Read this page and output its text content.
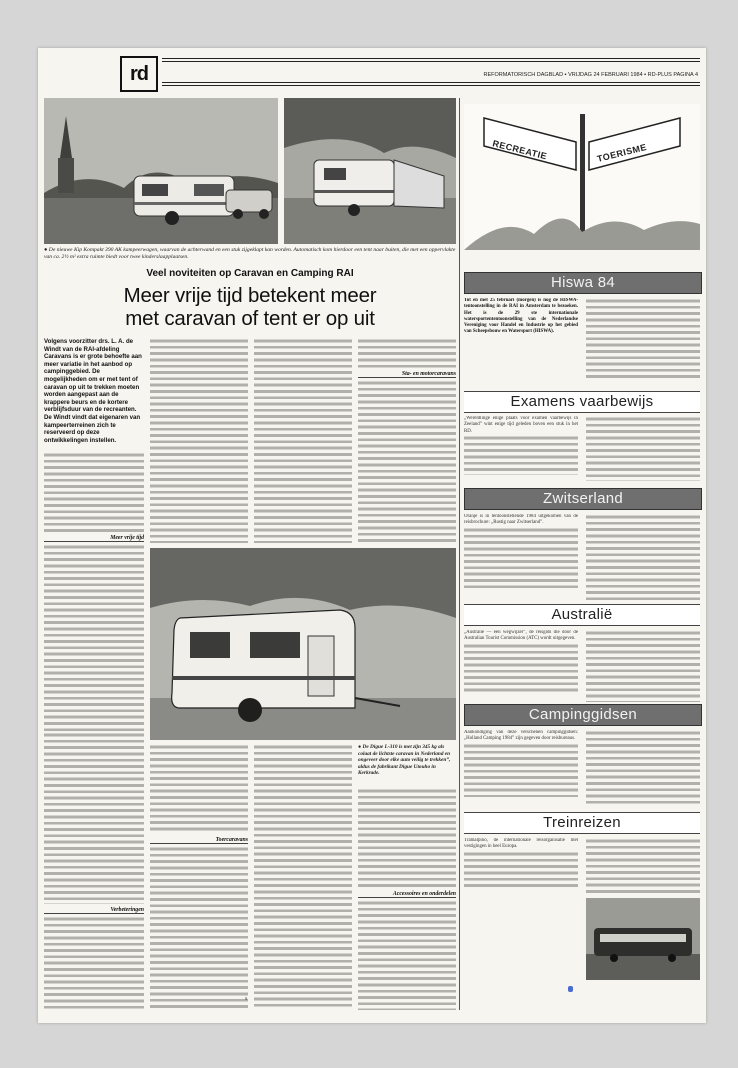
rd	REFORMATORISCH DAGBLAD ▪ VRIJDAG 24 FEBRUARI 1984 ▪ RD-PLUS PAGINA 4
● De nieuwe Kip Kompakt 390 AK kampeerwagen, waarvan de achterwand en een stuk zijgeklapt kan worden. Automatisch kom hierdoor een tent naar buiten, die met een oppervlakte van ca. 2½ m² extra ruimte biedt voor twee kinderslaapplaatsen.
Veel noviteiten op Caravan en Camping RAI
Meer vrije tijd betekent meer
met caravan of tent er op uit
Volgens voorzitter drs. L. A. de Windt van de RAI-afdeling Caravans is er grote behoefte aan meer variatie in het aanbod op campinggebied. De mogelijkheden om er met tent of caravan op uit te trekken moeten worden aangepast aan de krappere beurs en de kortere verblijfsduur van de recreanten. De Windt vindt dat eigenaren van kampeerterreinen zich te reserveerd op deze ontwikkelingen instellen.
Meer vrije tijd
Verbeteringen
Sta- en motorcaravans
● De Digue L-310 is met zijn 345 kg als colaat de lichtste caravan in Nederland en ongeveer door elke auto veilig te trekken”, aldus de fabrikant Digue Utouho in Kerkrade.
Toercaravans
Accessoires en onderdelen
RECREATIE	TOERISME
Hiswa 84
Tot en met 25 februari (morgen) is nog de HISWA-tentoonstelling in de RAI in Amsterdam te bezoeken. Het is de 29 ste internationale watersportententoonstelling van de Nederlandse Vereniging voor Handel en Industrie op het gebied van Scheepsbouw en Watersport (HISWA).
Examens vaarbewijs
„Wereldlinge enige plaats voor examen vaarbewijs in Zeeland” wint enige tijd geleden boven een stuk in het RD.
Zwitserland
Oranje is in tentoonstellende 1984 uitgekomen van de reisbrochure: „Rustig naar Zwitserland”.
Australië
„Australië — een wegwijzer”, de reisgids die door de Australian Tourist Commission (ATC) wordt uitgegeven.
Campinggidsen
Aankondiging van deze verschenen campinggidsen: „Holland Camping 1984” zijn gegeven door reisbureaus.
Treinreizen
Tramalpino, de internationale reisorganisatie met vestigingen in heel Europa.
s
